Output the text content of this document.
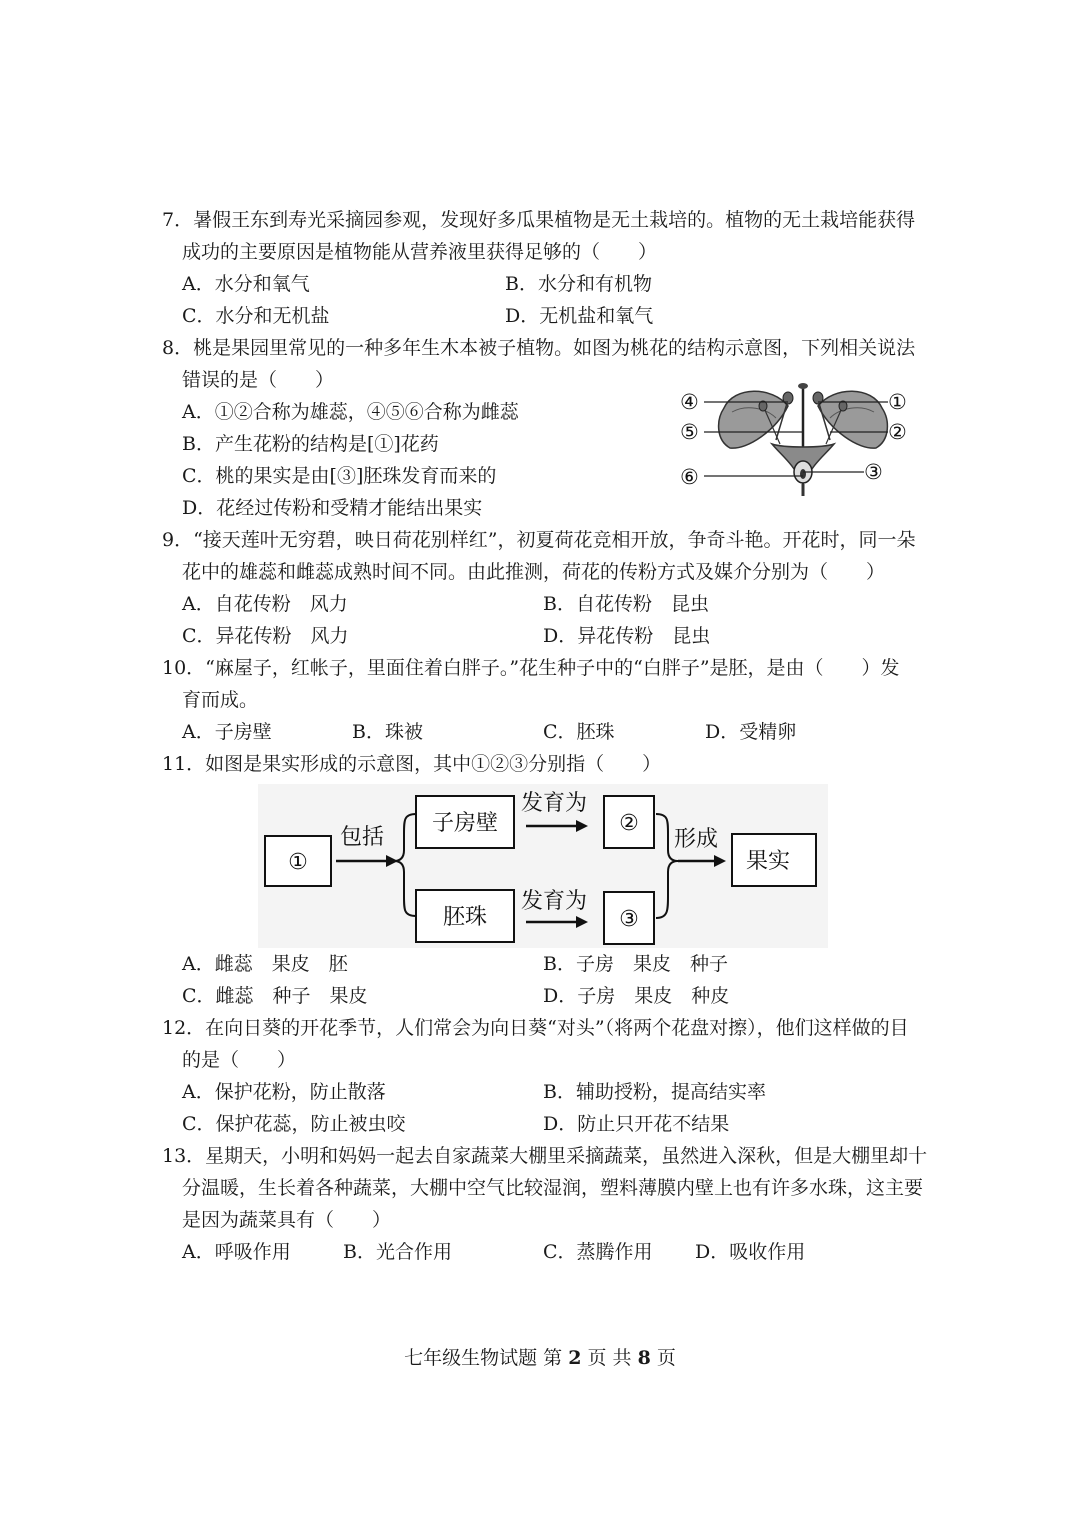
7．暑假王东到寿光采摘园参观，发现好多瓜果植物是无土栽培的。植物的无土栽培能获得
成功的主要原因是植物能从营养液里获得足够的（　　）
A．水分和氧气	B．水分和有机物
C．水分和无机盐	D．无机盐和氧气
8．桃是果园里常见的一种多年生木本被子植物。如图为桃花的结构示意图，下列相关说法
错误的是（　　）
A．①②合称为雄蕊，④⑤⑥合称为雌蕊
B．产生花粉的结构是[①]花药
C．桃的果实是由[③]胚珠发育而来的
D．花经过传粉和受精才能结出果实
④
⑤
⑥
①
②
③
9．“接天莲叶无穷碧，映日荷花别样红”，初夏荷花竞相开放，争奇斗艳。开花时，同一朵
花中的雄蕊和雌蕊成熟时间不同。由此推测，荷花的传粉方式及媒介分别为（　　）
A．自花传粉　风力	B．自花传粉　昆虫
C．异花传粉　风力	D．异花传粉　昆虫
10．“麻屋子，红帐子，里面住着白胖子。”花生种子中的“白胖子”是胚，是由（　　）发
育而成。
A．子房壁	B．珠被	C．胚珠	D．受精卵
11．如图是果实形成的示意图，其中①②③分别指（　　）
①
包括
子房壁
胚珠
发育为
发育为
②
③
形成
果实
A．雌蕊　果皮　胚	B．子房　果皮　种子
C．雌蕊　种子　果皮	D．子房　果皮　种皮
12．在向日葵的开花季节，人们常会为向日葵“对头”（将两个花盘对擦），他们这样做的目
的是（　　）
A．保护花粉，防止散落	B．辅助授粉，提高结实率
C．保护花蕊，防止被虫咬	D．防止只开花不结果
13．星期天，小明和妈妈一起去自家蔬菜大棚里采摘蔬菜，虽然进入深秋，但是大棚里却十
分温暖，生长着各种蔬菜，大棚中空气比较湿润，塑料薄膜内壁上也有许多水珠，这主要
是因为蔬菜具有（　　）
A．呼吸作用	B．光合作用	C．蒸腾作用 D．吸收作用
七年级生物试题 第 2 页 共 8 页
